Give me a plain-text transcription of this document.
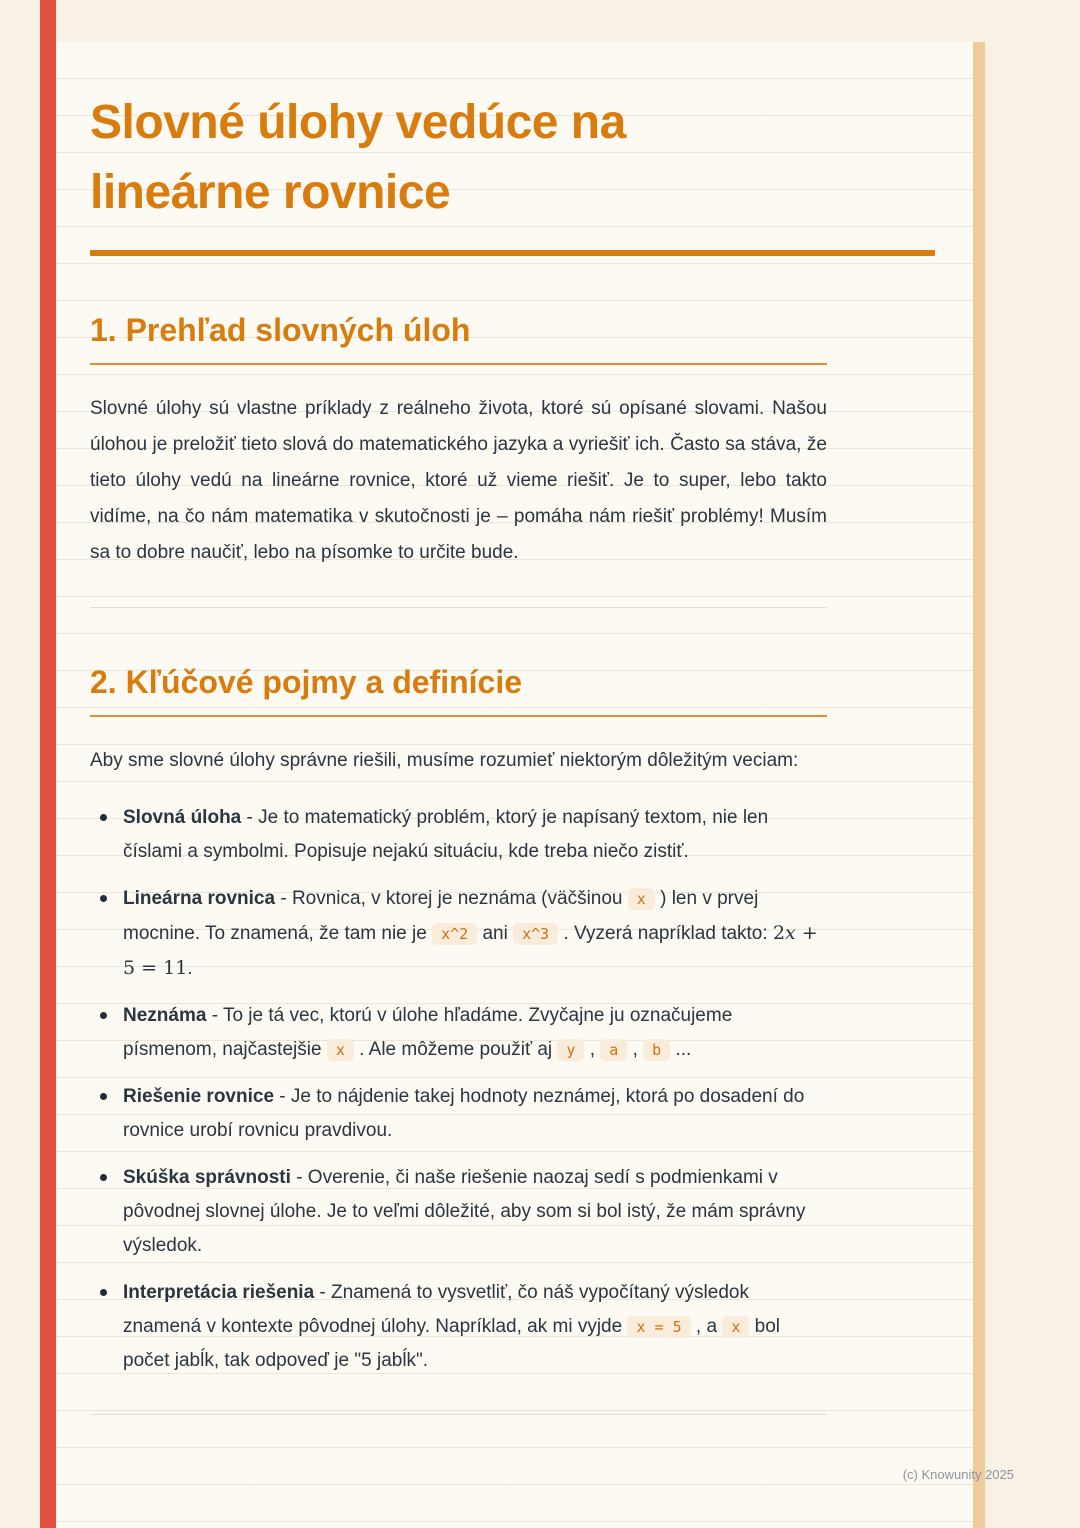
Slovné úlohy vedúce na
lineárne rovnice
1. Prehľad slovných úloh

Slovné úlohy sú vlastne príklady z reálneho života, ktoré sú opísané slovami. Našou úlohou je preložiť tieto slová do matematického jazyka a vyriešiť ich. Často sa stáva, že tieto úlohy vedú na lineárne rovnice, ktoré už vieme riešiť. Je to super, lebo takto vidíme, na čo nám matematika v skutočnosti je – pomáha nám riešiť problémy! Musím sa to dobre naučiť, lebo na písomke to určite bude.

2. Kľúčové pojmy a definície

Aby sme slovné úlohy správne riešili, musíme rozumieť niektorým dôležitým veciam:

Slovná úloha - Je to matematický problém, ktorý je napísaný textom, nie len číslami a symbolmi. Popisuje nejakú situáciu, kde treba niečo zistiť.
Lineárna rovnica - Rovnica, v ktorej je neznáma (väčšinou x ) len v prvej mocnine. To znamená, že tam nie je x^2 ani x^3 . Vyzerá napríklad takto: 2x + 5 = 11.
Neznáma - To je tá vec, ktorú v úlohe hľadáme. Zvyčajne ju označujeme písmenom, najčastejšie x . Ale môžeme použiť aj y , a , b ...
Riešenie rovnice - Je to nájdenie takej hodnoty neznámej, ktorá po dosadení do rovnice urobí rovnicu pravdivou.
Skúška správnosti - Overenie, či naše riešenie naozaj sedí s podmienkami v pôvodnej slovnej úlohe. Je to veľmi dôležité, aby som si bol istý, že mám správny výsledok.
Interpretácia riešenia - Znamená to vysvetliť, čo náš vypočítaný výsledok znamená v kontexte pôvodnej úlohy. Napríklad, ak mi vyjde x = 5 , a x bol počet jabĺk, tak odpoveď je "5 jabĺk".
(c) Knowunity 2025
